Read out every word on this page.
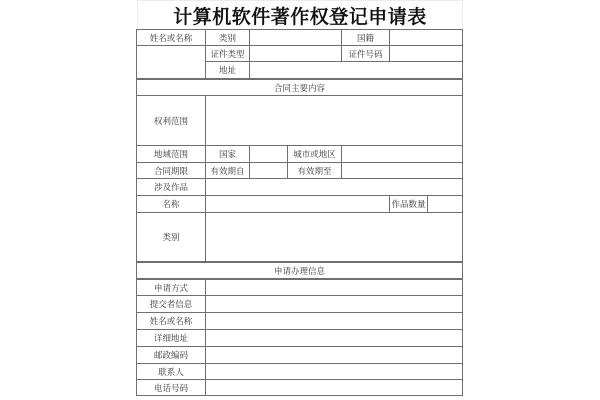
计算机软件著作权登记申请表
姓名或名称	类别	国籍
证件类型	证件号码
地址
合同主要内容
权利范围
地域范围	国家	城市或地区
合同期限	有效期自	有效期至
涉及作品
名称	作品数量
类别
申请办理信息
申请方式
提交者信息
姓名或名称
详细地址
邮政编码
联系人
电话号码
